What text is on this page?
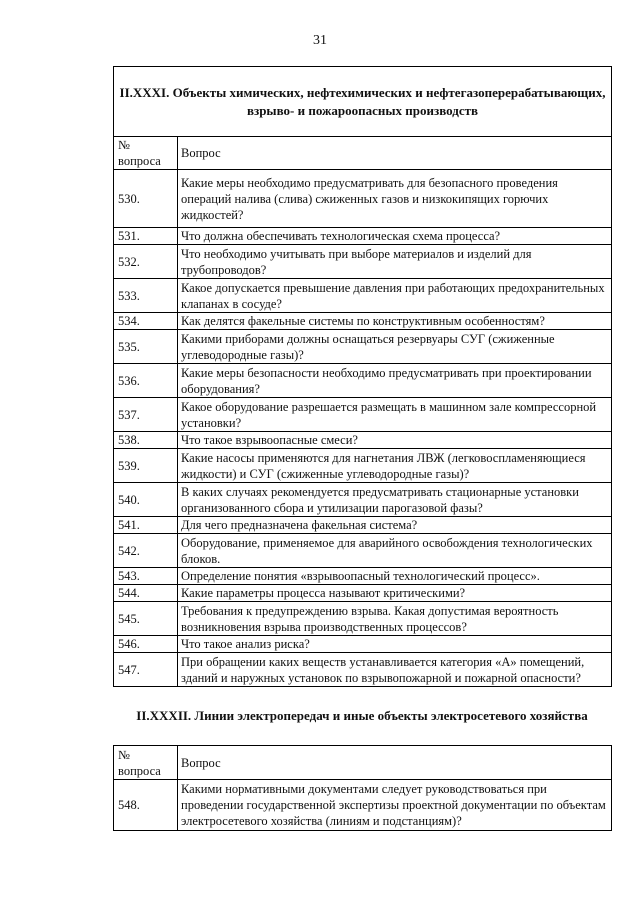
31
II.XXXI. Объекты химических, нефтехимических и нефтегазоперерабатывающих, взрыво- и пожароопасных производств	
№ вопроса	Вопрос
530.	Какие меры необходимо предусматривать для безопасного проведения операций налива (слива) сжиженных газов и низкокипящих горючих жидкостей?
531.	Что должна обеспечивать технологическая схема процесса?
532.	Что необходимо учитывать при выборе материалов и изделий для трубопроводов?
533.	Какое допускается превышение давления при работающих предохранительных клапанах в сосуде?
534.	Как делятся факельные системы по конструктивным особенностям?
535.	Какими приборами должны оснащаться резервуары СУГ (сжиженные углеводородные газы)?
536.	Какие меры безопасности необходимо предусматривать при проектировании оборудования?
537.	Какое оборудование разрешается размещать в машинном зале компрессорной установки?
538.	Что такое взрывоопасные смеси?
539.	Какие насосы применяются для нагнетания ЛВЖ (легковоспламеняющиеся жидкости) и СУГ (сжиженные углеводородные газы)?
540.	В каких случаях рекомендуется предусматривать стационарные установки организованного сбора и утилизации парогазовой фазы?
541.	Для чего предназначена факельная система?
542.	Оборудование, применяемое для аварийного освобождения технологических блоков.
543.	Определение понятия «взрывоопасный технологический процесс».
544.	Какие параметры процесса называют критическими?
545.	Требования к предупреждению взрыва. Какая допустимая вероятность возникновения взрыва производственных процессов?
546.	Что такое анализ риска?
547.	При обращении каких веществ устанавливается категория «А» помещений, зданий и наружных установок по взрывопожарной и пожарной опасности?
II.XXXII. Линии электропередач и иные объекты электросетевого хозяйства
№ вопроса	Вопрос
548.	Какими нормативными документами следует руководствоваться при проведении государственной экспертизы проектной документации по объектам электросетевого хозяйства (линиям и подстанциям)?
